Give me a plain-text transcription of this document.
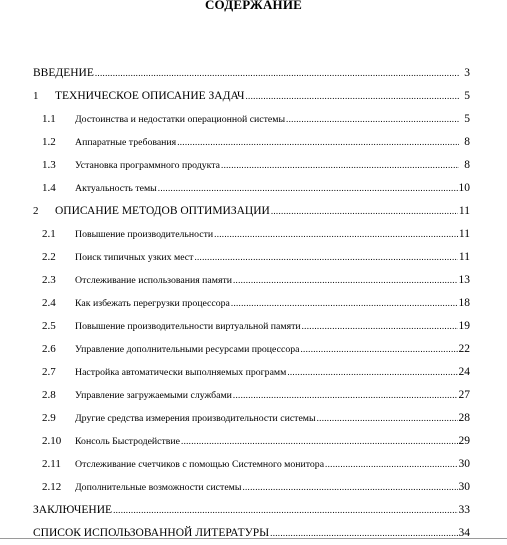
СОДЕРЖАНИЕ
ВВЕДЕНИЕ .....	3
1	ТЕХНИЧЕСКОЕ ОПИСАНИЕ ЗАДАЧ .....	5
1.1	Достоинства и недостатки операционной системы .....	5
1.2	Аппаратные требования .....	8
1.3	Установка программного продукта .....	8
1.4	Актуальность темы .....	10
2	ОПИСАНИЕ МЕТОДОВ ОПТИМИЗАЦИИ .....	11
2.1	Повышение производительности .....	11
2.2	Поиск типичных узких мест .....	11
2.3	Отслеживание использования памяти .....	13
2.4	Как избежать перегрузки процессора .....	18
2.5	Повышение производительности виртуальной памяти .....	19
2.6	Управление дополнительными ресурсами процессора .....	22
2.7	Настройка автоматически выполняемых программ .....	24
2.8	Управление загружаемыми службами .....	27
2.9	Другие средства измерения производительности системы .....	28
2.10	Консоль Быстродействие .....	29
2.11	Отслеживание счетчиков с помощью Системного монитора .....	30
2.12	Дополнительные возможности системы .....	30
ЗАКЛЮЧЕНИЕ .....	33
СПИСОК ИСПОЛЬЗОВАННОЙ ЛИТЕРАТУРЫ .....	34
